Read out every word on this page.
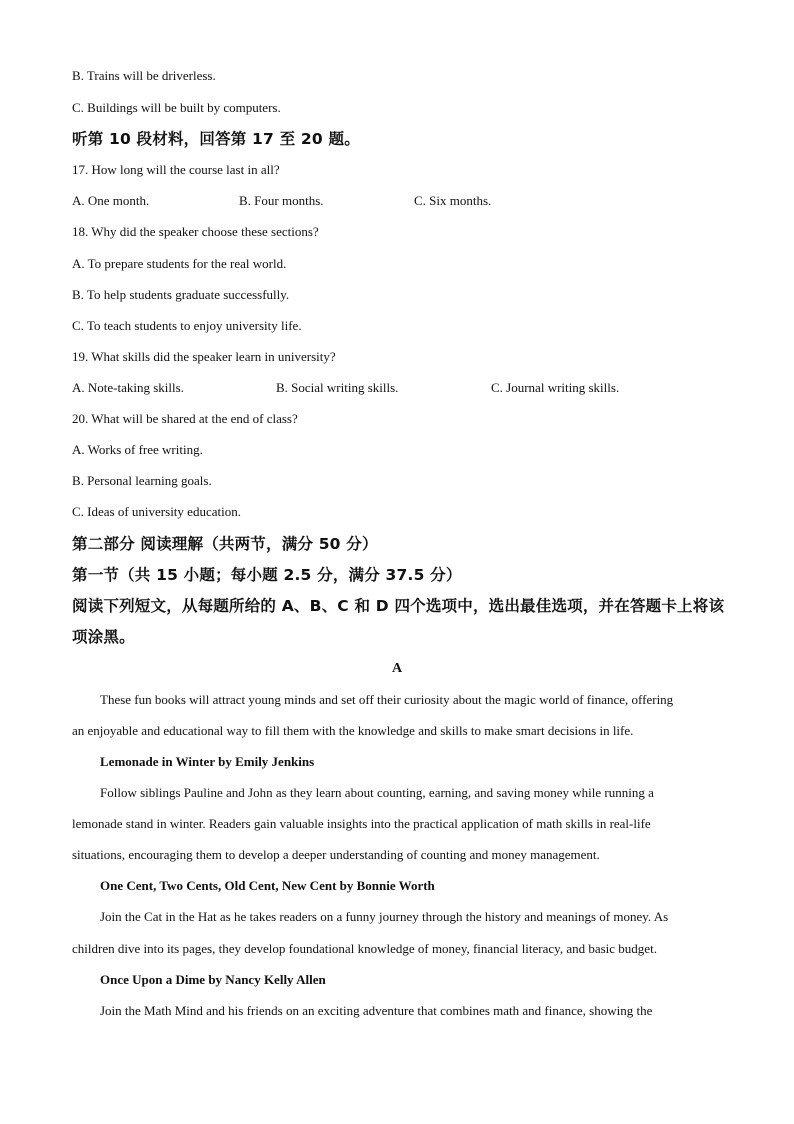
B. Trains will be driverless.
C. Buildings will be built by computers.
听第 10 段材料，回答第 17 至 20 题。
17. How long will the course last in all?
A. One month.	B. Four months.	C. Six months.
18. Why did the speaker choose these sections?
A. To prepare students for the real world.
B. To help students graduate successfully.
C. To teach students to enjoy university life.
19. What skills did the speaker learn in university?
A. Note-taking skills.	B. Social writing skills.	C. Journal writing skills.
20. What will be shared at the end of class?
A. Works of free writing.
B. Personal learning goals.
C. Ideas of university education.
第二部分 阅读理解（共两节，满分 50 分）
第一节（共 15 小题；每小题 2.5 分，满分 37.5 分）
阅读下列短文，从每题所给的 A、B、C 和 D 四个选项中，选出最佳选项，并在答题卡上将该
项涂黑。
A
These fun books will attract young minds and set off their curiosity about the magic world of finance, offering
an enjoyable and educational way to fill them with the knowledge and skills to make smart decisions in life.
Lemonade in Winter by Emily Jenkins
Follow siblings Pauline and John as they learn about counting, earning, and saving money while running a
lemonade stand in winter. Readers gain valuable insights into the practical application of math skills in real-life
situations, encouraging them to develop a deeper understanding of counting and money management.
One Cent, Two Cents, Old Cent, New Cent by Bonnie Worth
Join the Cat in the Hat as he takes readers on a funny journey through the history and meanings of money. As
children dive into its pages, they develop foundational knowledge of money, financial literacy, and basic budget.
Once Upon a Dime by Nancy Kelly Allen
Join the Math Mind and his friends on an exciting adventure that combines math and finance, showing the
